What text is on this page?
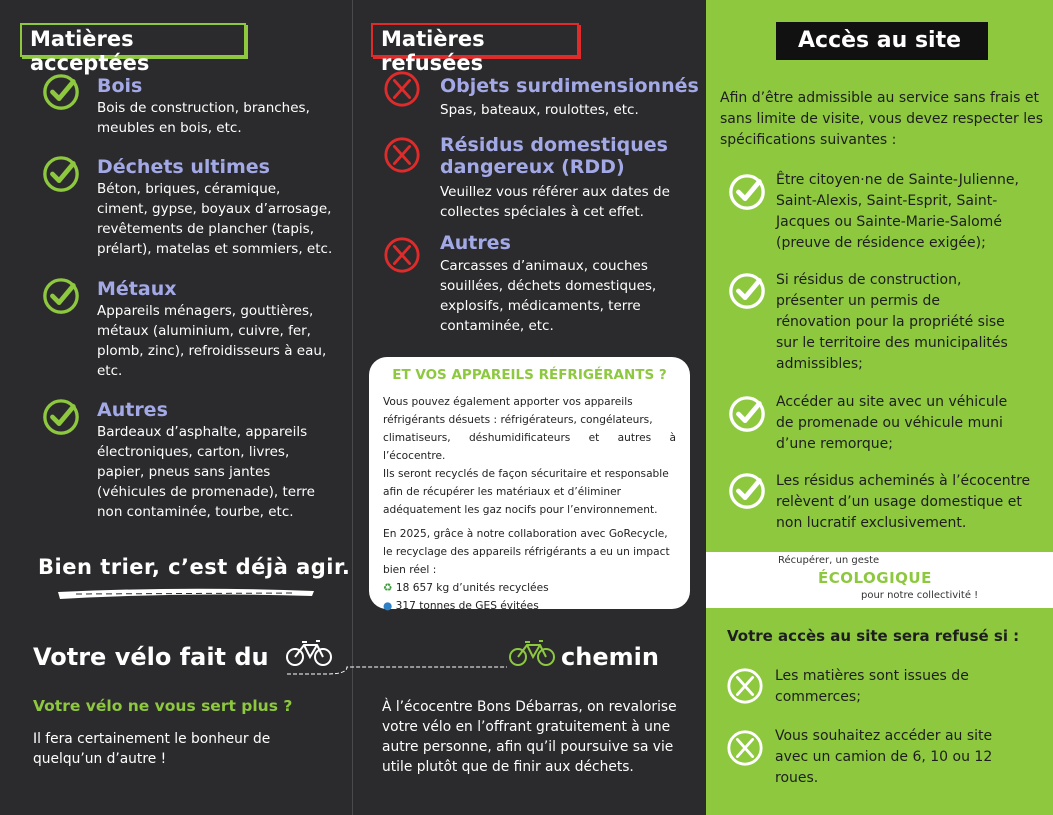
Matières acceptées
Bois
Bois de construction, branches,
meubles en bois, etc.
Déchets ultimes
Béton, briques, céramique,
ciment, gypse, boyaux d’arrosage,
revêtements de plancher (tapis,
prélart), matelas et sommiers, etc.
Métaux
Appareils ménagers, gouttières,
métaux (aluminium, cuivre, fer,
plomb, zinc), refroidisseurs à eau,
etc.
Autres
Bardeaux d’asphalte, appareils
électroniques, carton, livres,
papier, pneus sans jantes
(véhicules de promenade), terre
non contaminée, tourbe, etc.
Bien trier, c’est déjà agir.
Matières refusées
Objets surdimensionnés
Spas, bateaux, roulottes, etc.
Résidus domestiques
dangereux (RDD)
Veuillez vous référer aux dates de
collectes spéciales à cet effet.
Autres
Carcasses d’animaux, couches
souillées, déchets domestiques,
explosifs, médicaments, terre
contaminée, etc.
ET VOS APPAREILS RÉFRIGÉRANTS ?
Vous pouvez également apporter vos appareils
réfrigérants désuets : réfrigérateurs, congélateurs,
climatiseurs, déshumidificateurs et autres à l’écocentre.
Ils seront recyclés de façon sécuritaire et responsable
afin de récupérer les matériaux et d’éliminer
adéquatement les gaz nocifs pour l’environnement.
En 2025, grâce à notre collaboration avec GoRecycle,
le recyclage des appareils réfrigérants a eu un impact
bien réel :
♻ 18 657 kg d’unités recyclées
● 317 tonnes de GES évitées
À l’écocentre Bons Débarras, on revalorise
votre vélo en l’offrant gratuitement à une
autre personne, afin qu’il poursuive sa vie
utile plutôt que de finir aux déchets.
Votre vélo fait du	chemin
Votre vélo ne vous sert plus ?
Il fera certainement le bonheur de
quelqu’un d’autre !
Accès au site
Afin d’être admissible au service sans frais et
sans limite de visite, vous devez respecter les
spécifications suivantes :
Être citoyen·ne de Sainte-Julienne,
Saint-Alexis, Saint-Esprit, Saint-
Jacques ou Sainte-Marie-Salomé
(preuve de résidence exigée);
Si résidus de construction,
présenter un permis de
rénovation pour la propriété sise
sur le territoire des municipalités
admissibles;
Accéder au site avec un véhicule
de promenade ou véhicule muni
d’une remorque;
Les résidus acheminés à l’écocentre
relèvent d’un usage domestique et
non lucratif exclusivement.
Récupérer, un geste
ÉCOLOGIQUE
pour notre collectivité !
Votre accès au site sera refusé si :
Les matières sont issues de
commerces;
Vous souhaitez accéder au site
avec un camion de 6, 10 ou 12
roues.
